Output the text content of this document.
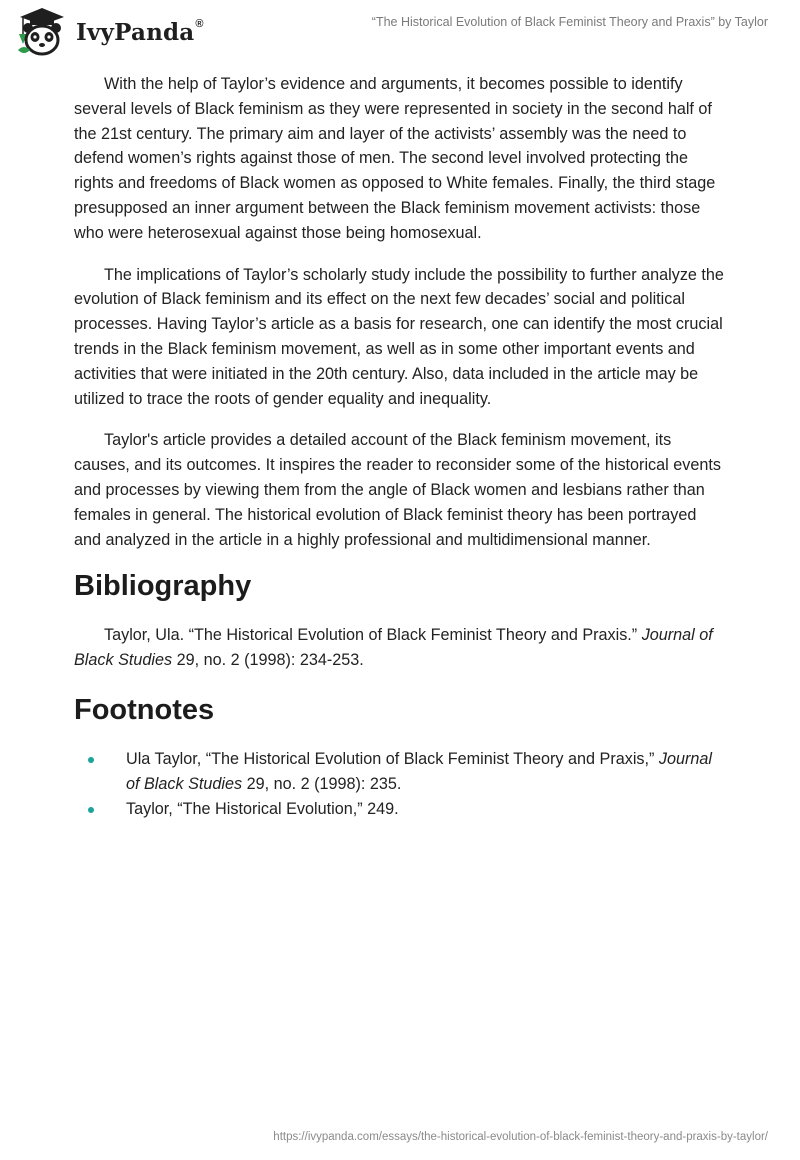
IvyPanda®	“The Historical Evolution of Black Feminist Theory and Praxis” by Taylor

With the help of Taylor’s evidence and arguments, it becomes possible to identify several levels of Black feminism as they were represented in society in the second half of the 21st century. The primary aim and layer of the activists’ assembly was the need to defend women’s rights against those of men. The second level involved protecting the rights and freedoms of Black women as opposed to White females. Finally, the third stage presupposed an inner argument between the Black feminism movement activists: those who were heterosexual against those being homosexual.

The implications of Taylor’s scholarly study include the possibility to further analyze the evolution of Black feminism and its effect on the next few decades’ social and political processes. Having Taylor’s article as a basis for research, one can identify the most crucial trends in the Black feminism movement, as well as in some other important events and activities that were initiated in the 20th century. Also, data included in the article may be utilized to trace the roots of gender equality and inequality.

Taylor's article provides a detailed account of the Black feminism movement, its causes, and its outcomes. It inspires the reader to reconsider some of the historical events and processes by viewing them from the angle of Black women and lesbians rather than females in general. The historical evolution of Black feminist theory has been portrayed and analyzed in the article in a highly professional and multidimensional manner.

Bibliography

Taylor, Ula. “The Historical Evolution of Black Feminist Theory and Praxis.” Journal of Black Studies 29, no. 2 (1998): 234-253.

Footnotes
Ula Taylor, “The Historical Evolution of Black Feminist Theory and Praxis,” Journal of Black Studies 29, no. 2 (1998): 235.
Taylor, “The Historical Evolution,” 249.
https://ivypanda.com/essays/the-historical-evolution-of-black-feminist-theory-and-praxis-by-taylor/
